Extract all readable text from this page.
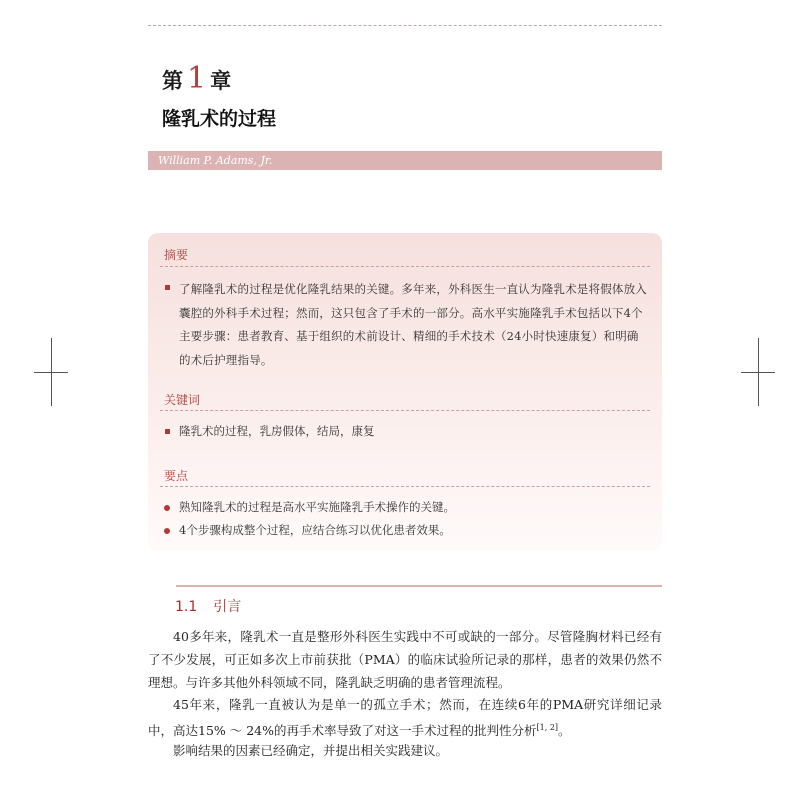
第 1 章
隆乳术的过程
William P. Adams, Jr.
摘要
了解隆乳术的过程是优化隆乳结果的关键。多年来，外科医生一直认为隆乳术是将假体放入囊腔的外科手术过程；然而，这只包含了手术的一部分。高水平实施隆乳手术包括以下4个主要步骤：患者教育、基于组织的术前设计、精细的手术技术（24小时快速康复）和明确的术后护理指导。
关键词
隆乳术的过程，乳房假体，结局，康复
要点
熟知隆乳术的过程是高水平实施隆乳手术操作的关键。
4个步骤构成整个过程，应结合练习以优化患者效果。
1.1 引言
40多年来，隆乳术一直是整形外科医生实践中不可或缺的一部分。尽管隆胸材料已经有了不少发展，可正如多次上市前获批（PMA）的临床试验所记录的那样，患者的效果仍然不理想。与许多其他外科领域不同，隆乳缺乏明确的患者管理流程。
45年来，隆乳一直被认为是单一的孤立手术；然而，在连续6年的PMA研究详细记录中，高达15% ～ 24%的再手术率导致了对这一手术过程的批判性分析[1, 2]。
影响结果的因素已经确定，并提出相关实践建议。
